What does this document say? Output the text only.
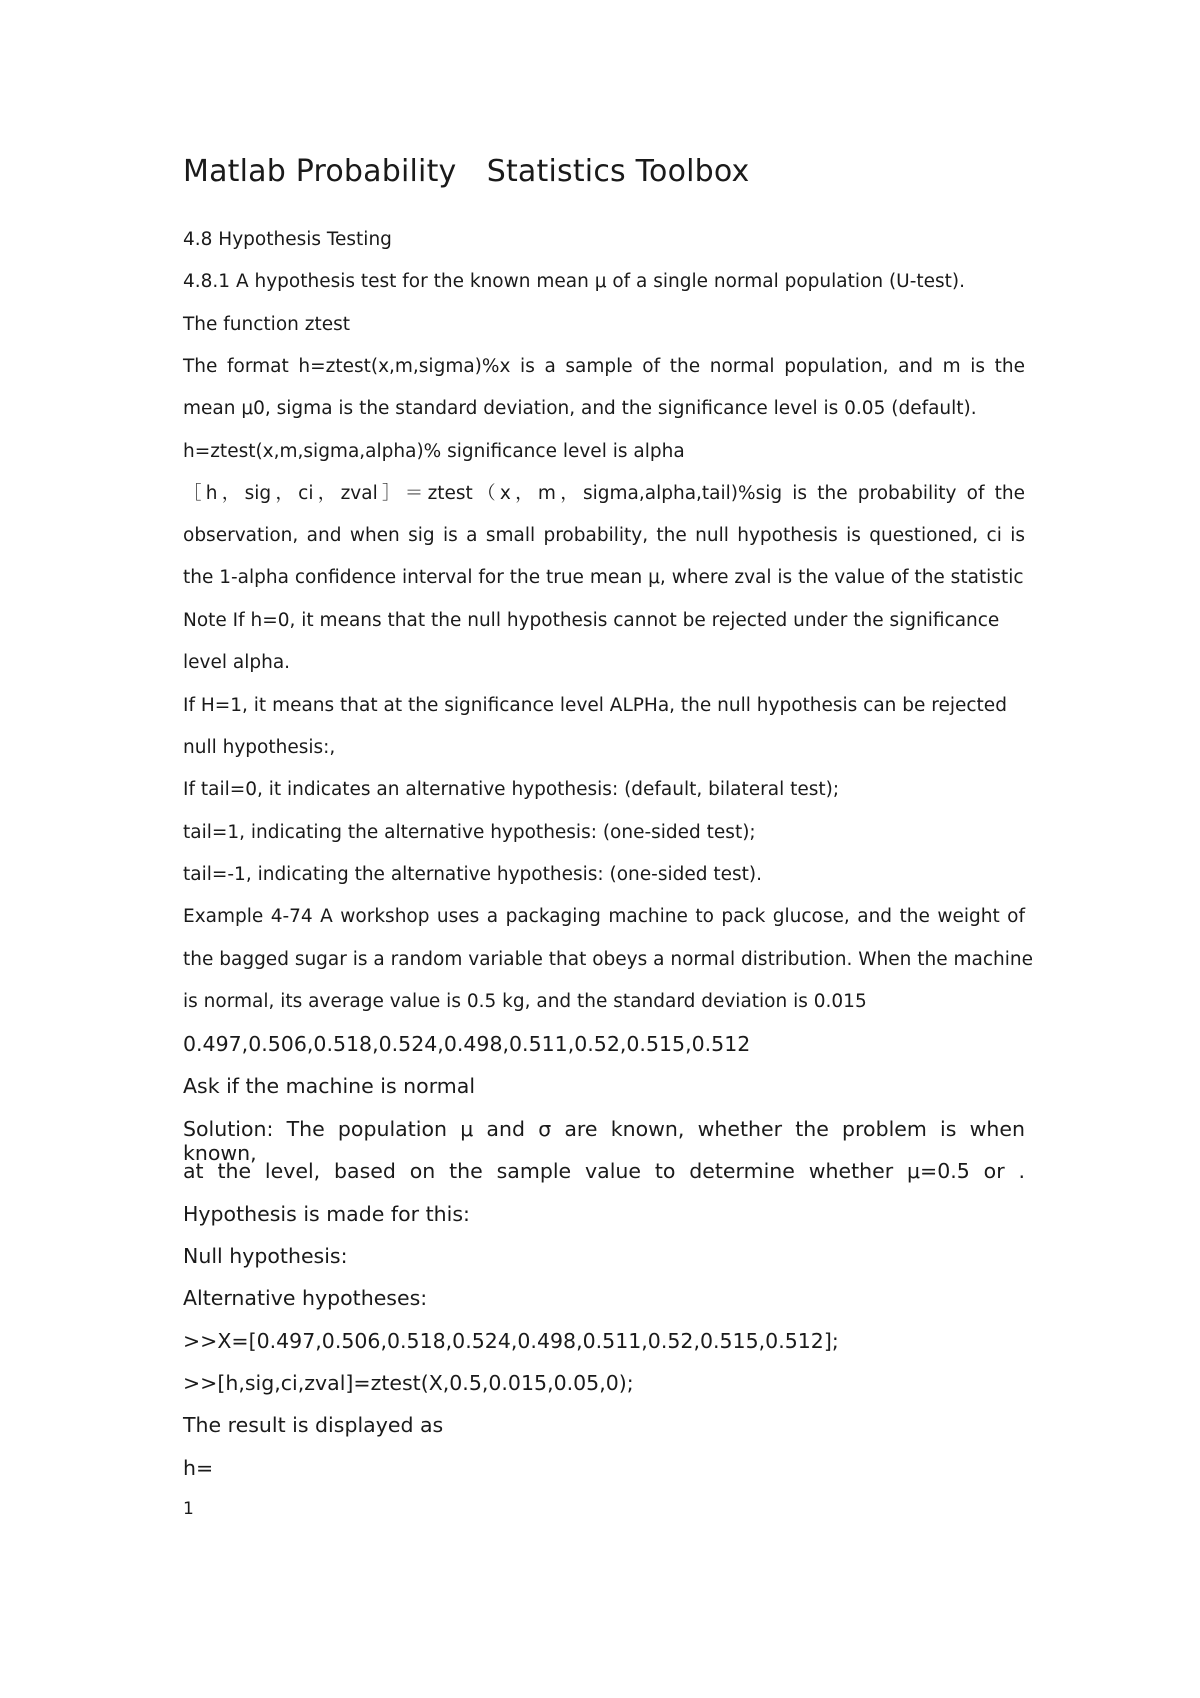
Matlab Probability　Statistics Toolbox
4.8 Hypothesis Testing
4.8.1 A hypothesis test for the known mean μ of a single normal population (U-test).
The function ztest
The format h=ztest(x,m,sigma)%x is a sample of the normal population, and m is the
mean μ0, sigma is the standard deviation, and the significance level is 0.05 (default).
h=ztest(x,m,sigma,alpha)% significance level is alpha
［h，sig，ci，zval］＝ztest（x，m，sigma,alpha,tail)%sig is the probability of the
observation, and when sig is a small probability, the null hypothesis is questioned, ci is
the 1-alpha confidence interval for the true mean μ, where zval is the value of the statistic
Note If h=0, it means that the null hypothesis cannot be rejected under the significance
level alpha.
If H=1, it means that at the significance level ALPHa, the null hypothesis can be rejected
null hypothesis:,
If tail=0, it indicates an alternative hypothesis: (default, bilateral test);
tail=1, indicating the alternative hypothesis: (one-sided test);
tail=-1, indicating the alternative hypothesis: (one-sided test).
Example 4-74 A workshop uses a packaging machine to pack glucose, and the weight of
the bagged sugar is a random variable that obeys a normal distribution. When the machine
is normal, its average value is 0.5 kg, and the standard deviation is 0.015
0.497,0.506,0.518,0.524,0.498,0.511,0.52,0.515,0.512
Ask if the machine is normal
Solution: The population μ and σ are known, whether the problem is when known,
at the level, based on the sample value to determine whether μ=0.5 or .
Hypothesis is made for this:
Null hypothesis:
Alternative hypotheses:
>>X=[0.497,0.506,0.518,0.524,0.498,0.511,0.52,0.515,0.512];
>>[h,sig,ci,zval]=ztest(X,0.5,0.015,0.05,0);
The result is displayed as
h=
1
